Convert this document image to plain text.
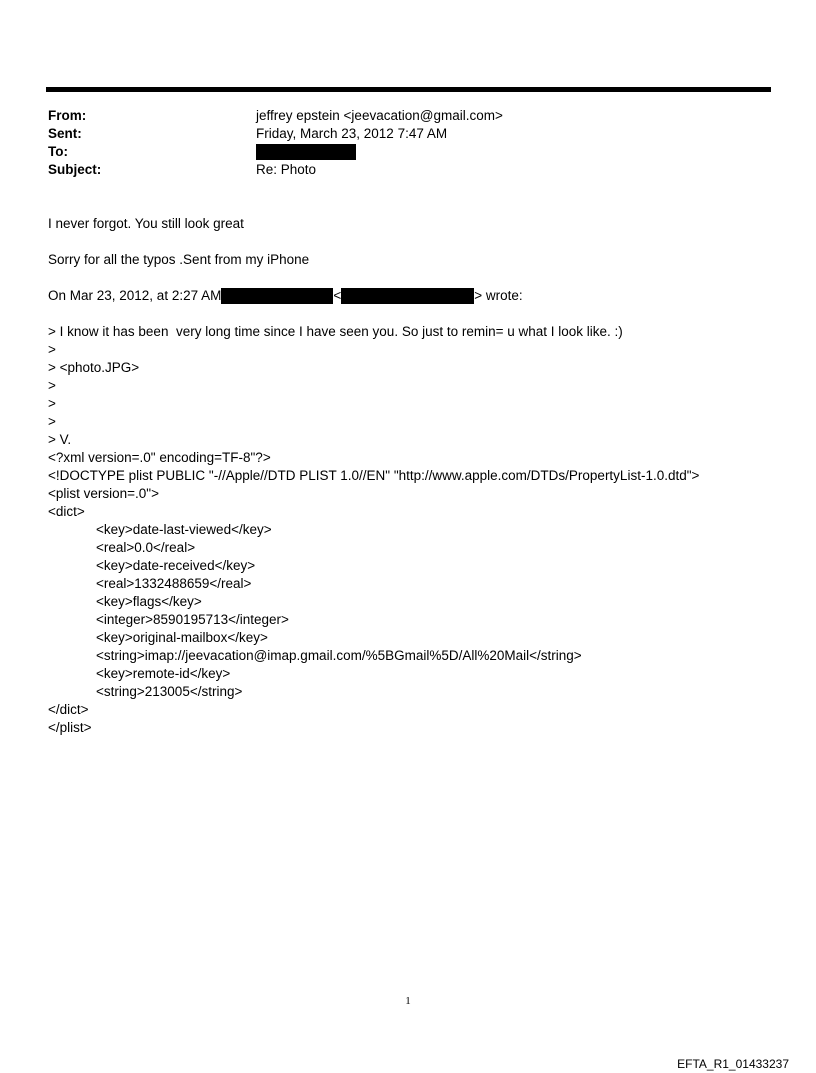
From:	jeffrey epstein <jeevacation@gmail.com>
Sent:	Friday, March 23, 2012 7:47 AM
To:
Subject:	Re: Photo
I never forgot. You still look great
Sorry for all the typos .Sent from my iPhone
On Mar 23, 2012, at 2:27 AM	<	> wrote:
> I know it has been  very long time since I have seen you. So just to remin= u what I look like. :)
>
> <photo.JPG>
>
>
>
> V.
<?xml version=.0" encoding=TF-8"?>
<!DOCTYPE plist PUBLIC "-//Apple//DTD PLIST 1.0//EN" "http://www.apple.com/DTDs/PropertyList-1.0.dtd">
<plist version=.0">
<dict>
<key>date-last-viewed</key>
<real>0.0</real>
<key>date-received</key>
<real>1332488659</real>
<key>flags</key>
<integer>8590195713</integer>
<key>original-mailbox</key>
<string>imap://jeevacation@imap.gmail.com/%5BGmail%5D/All%20Mail</string>
<key>remote-id</key>
<string>213005</string>
</dict>
</plist>
1
EFTA_R1_01433237
